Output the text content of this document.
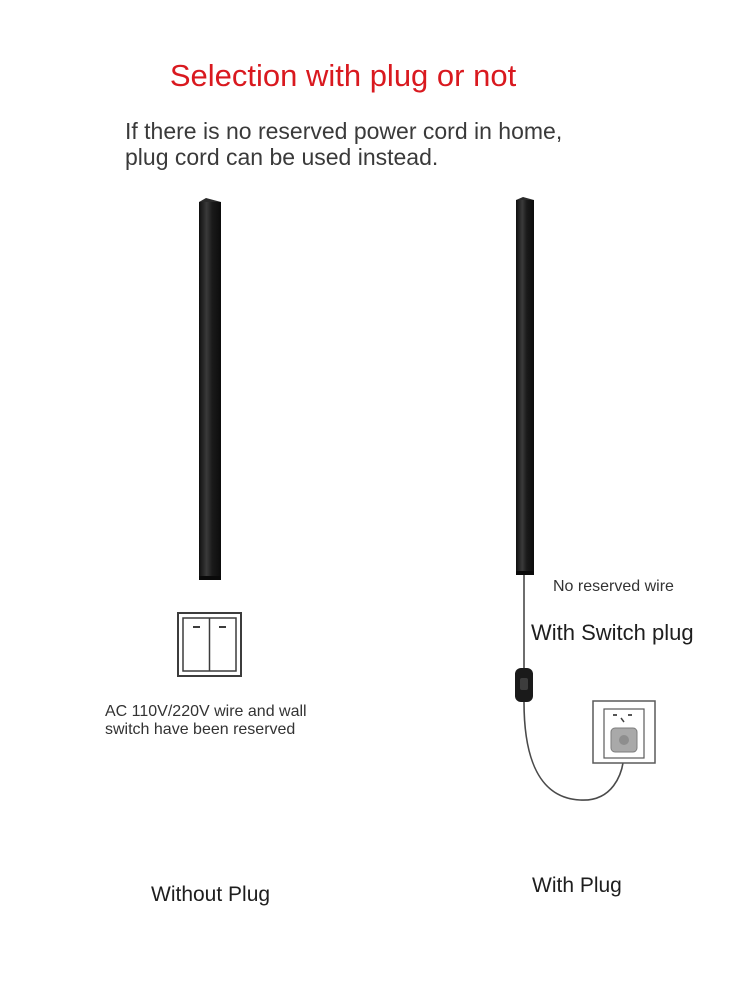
Selection with plug or not
If there is no reserved power cord in home,
plug cord can be used instead.
AC 110V/220V wire and wall
switch have been reserved
No reserved wire
With Switch plug
Without Plug	With Plug
